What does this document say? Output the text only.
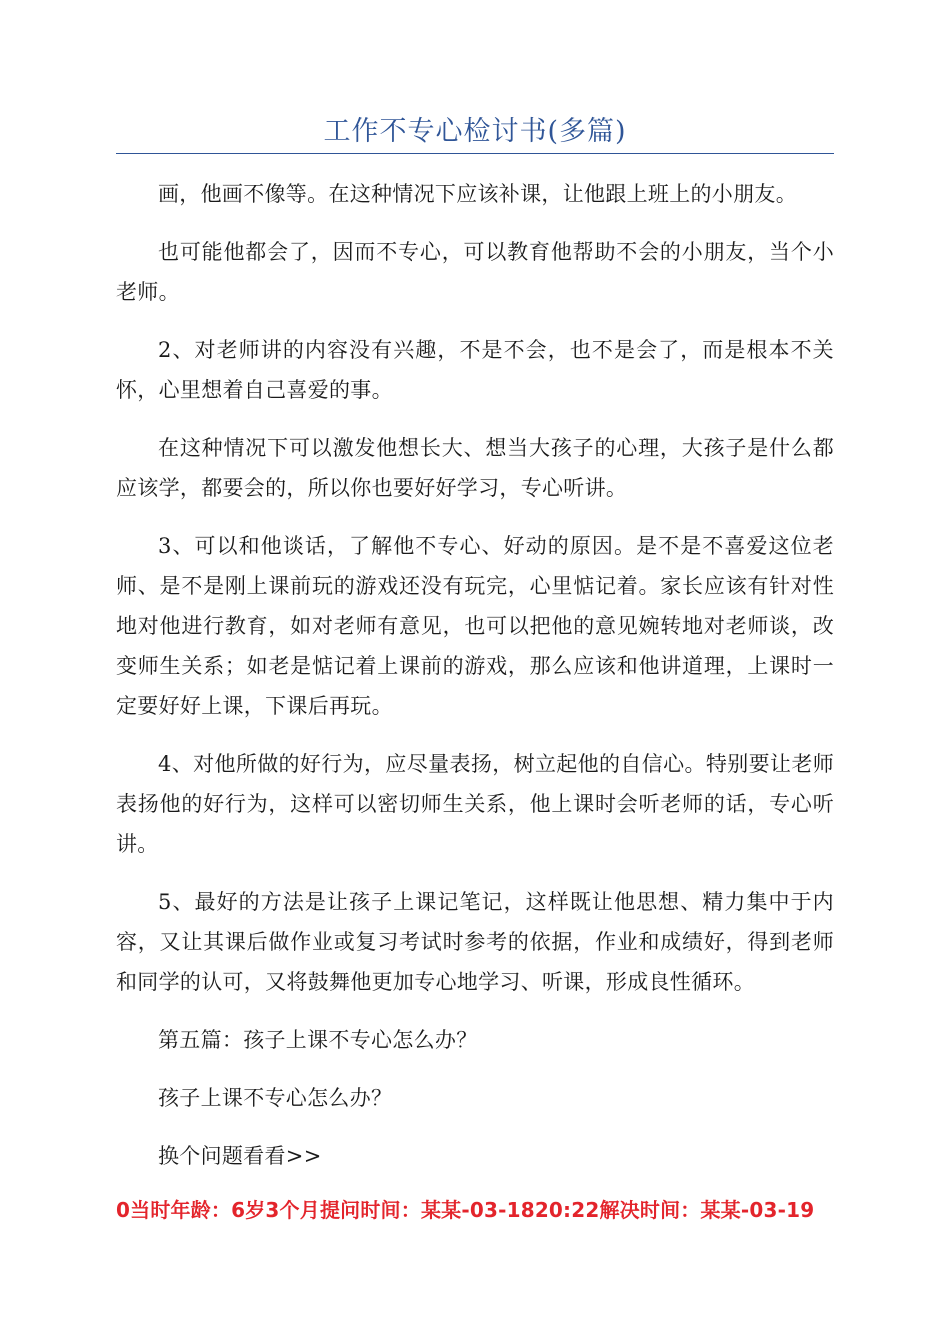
工作不专心检讨书(多篇)

画，他画不像等。在这种情况下应该补课，让他跟上班上的小朋友。

也可能他都会了，因而不专心，可以教育他帮助不会的小朋友，当个小老师。

2、对老师讲的内容没有兴趣，不是不会，也不是会了，而是根本不关怀，心里想着自己喜爱的事。

在这种情况下可以激发他想长大、想当大孩子的心理，大孩子是什么都应该学，都要会的，所以你也要好好学习，专心听讲。

3、可以和他谈话，了解他不专心、好动的原因。是不是不喜爱这位老师、是不是刚上课前玩的游戏还没有玩完，心里惦记着。家长应该有针对性地对他进行教育，如对老师有意见，也可以把他的意见婉转地对老师谈，改变师生关系；如老是惦记着上课前的游戏，那么应该和他讲道理，上课时一定要好好上课，下课后再玩。

4、对他所做的好行为，应尽量表扬，树立起他的自信心。特别要让老师表扬他的好行为，这样可以密切师生关系，他上课时会听老师的话，专心听讲。

5、最好的方法是让孩子上课记笔记，这样既让他思想、精力集中于内容，又让其课后做作业或复习考试时参考的依据，作业和成绩好，得到老师和同学的认可，又将鼓舞他更加专心地学习、听课，形成良性循环。

第五篇：孩子上课不专心怎么办？

孩子上课不专心怎么办？

换个问题看看>>

0当时年龄：6岁3个月提问时间：某某-03-1820:22解决时间：某某-03-19
